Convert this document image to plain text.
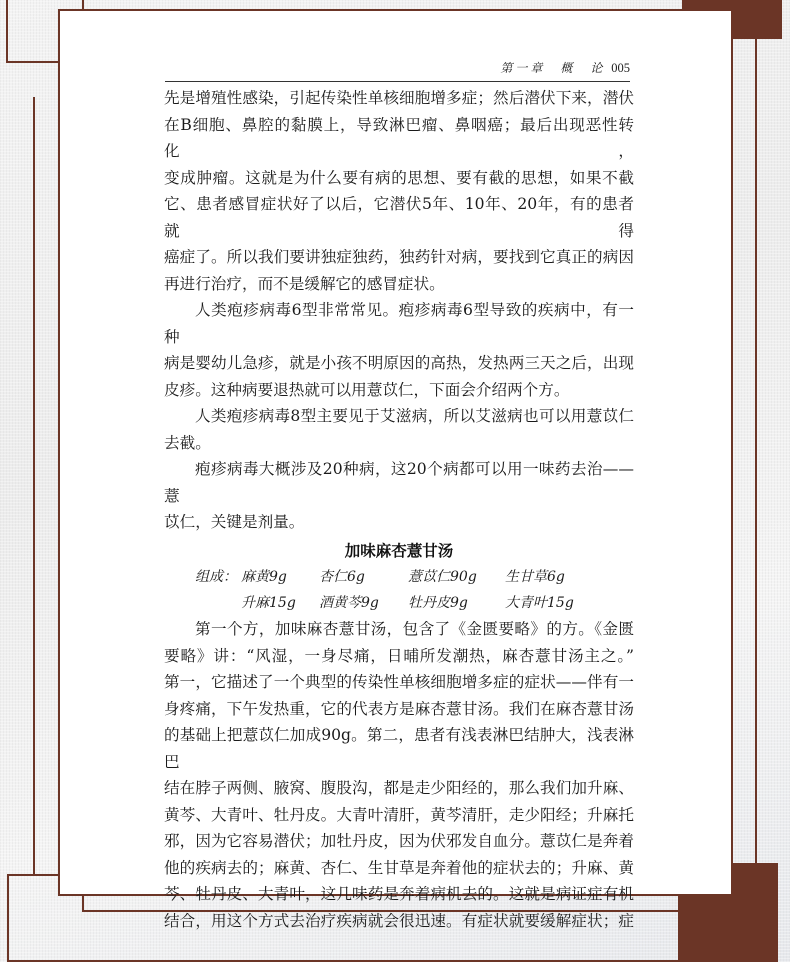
第一章　概　论 005

先是增殖性感染，引起传染性单核细胞增多症；然后潜伏下来，潜伏

在B细胞、鼻腔的黏膜上，导致淋巴瘤、鼻咽癌；最后出现恶性转化，

变成肿瘤。这就是为什么要有病的思想、要有截的思想，如果不截

它、患者感冒症状好了以后，它潜伏5年、10年、20年，有的患者就得

癌症了。所以我们要讲独症独药，独药针对病，要找到它真正的病因

再进行治疗，而不是缓解它的感冒症状。

人类疱疹病毒6型非常常见。疱疹病毒6型导致的疾病中，有一种

病是婴幼儿急疹，就是小孩不明原因的高热，发热两三天之后，出现

皮疹。这种病要退热就可以用薏苡仁，下面会介绍两个方。

人类疱疹病毒8型主要见于艾滋病，所以艾滋病也可以用薏苡仁

去截。

疱疹病毒大概涉及20种病，这20个病都可以用一味药去治——薏

苡仁，关键是剂量。

加味麻杏薏甘汤

组成： 麻黄9g	杏仁6g	薏苡仁90g	生甘草6g
升麻15g	酒黄芩9g	牡丹皮9g	大青叶15g

第一个方，加味麻杏薏甘汤，包含了《金匮要略》的方。《金匮

要略》讲：“风湿，一身尽痛，日晡所发潮热，麻杏薏甘汤主之。”

第一，它描述了一个典型的传染性单核细胞增多症的症状——伴有一

身疼痛，下午发热重，它的代表方是麻杏薏甘汤。我们在麻杏薏甘汤

的基础上把薏苡仁加成90g。第二，患者有浅表淋巴结肿大，浅表淋巴

结在脖子两侧、腋窝、腹股沟，都是走少阳经的，那么我们加升麻、

黄芩、大青叶、牡丹皮。大青叶清肝，黄芩清肝，走少阳经；升麻托

邪，因为它容易潜伏；加牡丹皮，因为伏邪发自血分。薏苡仁是奔着

他的疾病去的；麻黄、杏仁、生甘草是奔着他的症状去的；升麻、黄

芩、牡丹皮、大青叶，这几味药是奔着病机去的。这就是病证症有机

结合，用这个方式去治疗疾病就会很迅速。有症状就要缓解症状；症
